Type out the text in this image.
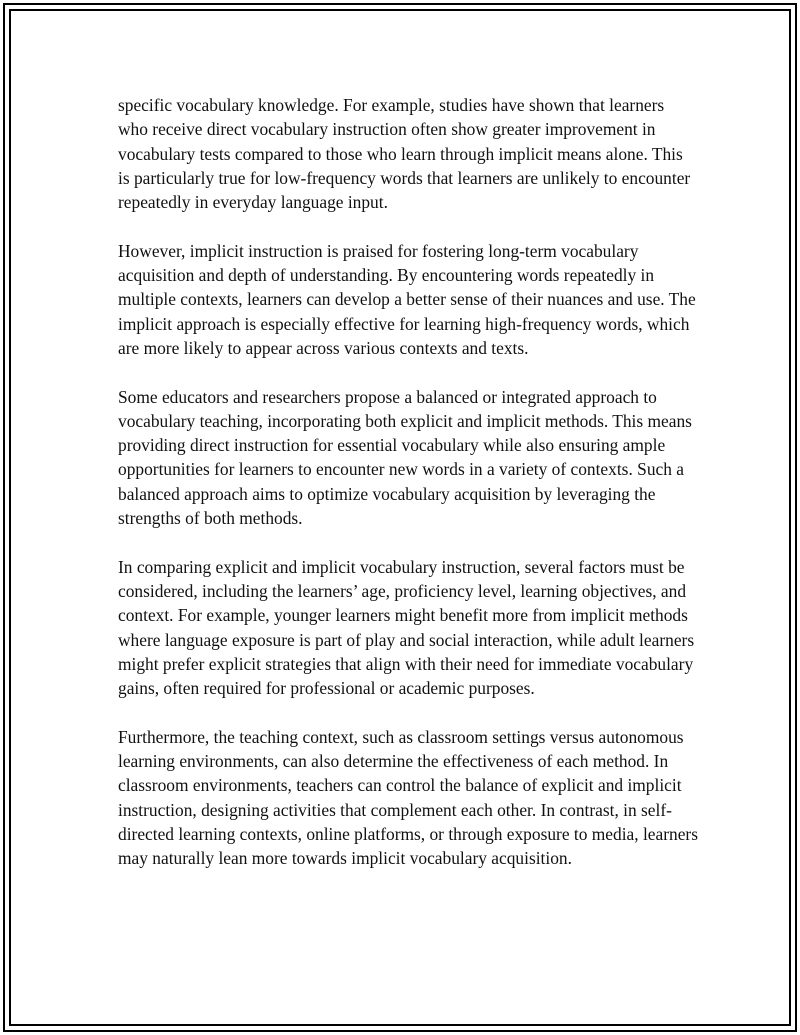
specific vocabulary knowledge. For example, studies have shown that learners who receive direct vocabulary instruction often show greater improvement in vocabulary tests compared to those who learn through implicit means alone. This is particularly true for low-frequency words that learners are unlikely to encounter repeatedly in everyday language input.

However, implicit instruction is praised for fostering long-term vocabulary acquisition and depth of understanding. By encountering words repeatedly in multiple contexts, learners can develop a better sense of their nuances and use. The implicit approach is especially effective for learning high-frequency words, which are more likely to appear across various contexts and texts.

Some educators and researchers propose a balanced or integrated approach to vocabulary teaching, incorporating both explicit and implicit methods. This means providing direct instruction for essential vocabulary while also ensuring ample opportunities for learners to encounter new words in a variety of contexts. Such a balanced approach aims to optimize vocabulary acquisition by leveraging the strengths of both methods.

In comparing explicit and implicit vocabulary instruction, several factors must be considered, including the learners’ age, proficiency level, learning objectives, and context. For example, younger learners might benefit more from implicit methods where language exposure is part of play and social interaction, while adult learners might prefer explicit strategies that align with their need for immediate vocabulary gains, often required for professional or academic purposes.

Furthermore, the teaching context, such as classroom settings versus autonomous learning environments, can also determine the effectiveness of each method. In classroom environments, teachers can control the balance of explicit and implicit instruction, designing activities that complement each other. In contrast, in self-directed learning contexts, online platforms, or through exposure to media, learners may naturally lean more towards implicit vocabulary acquisition.
